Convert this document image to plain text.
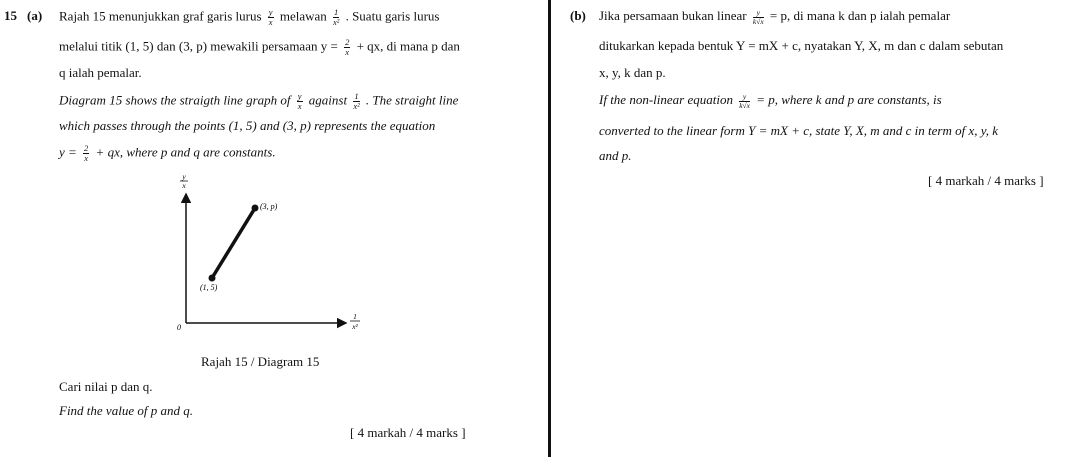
15 (a) Rajah 15 menunjukkan graf garis lurus $\frac{y}{x}$ melawan $\frac{1}{\text{x²}}$ . Suatu garis lurus
melalui titik (1, 5) dan (3, p) mewakili persamaan $y = \frac{2}{x}$ + qx, di mana p dan
q ialah pemalar.
Diagram 15 shows the straigth line graph of $\frac{y}{x}$ against $\frac{1}{\text{x²}}$ . The straight line
which passes through the points (1, 5) and (3, p) represents the equation
$y = \frac{2}{x}$ + qx, where p and q are constants.
(3, p)
(1, 5)
0
y
x
1
x²
Rajah 15 / Diagram 15
Cari nilai p dan q.
Find the value of p and q.
[ 4 markah / 4 marks ]
(b) Jika persamaan bukan linear $\frac{y}{k√x} = p$, di mana k dan p ialah pemalar
ditukarkan kepada bentuk Y = mX + c, nyatakan Y, X, m dan c dalam sebutan
x, y, k dan p.
If the non-linear equation $\frac{y}{k√x} = p$, where k and p are constants, is
converted to the linear form Y = mX + c, state Y, X, m and c in term of x, y, k
and p.
[ 4 markah / 4 marks ]
